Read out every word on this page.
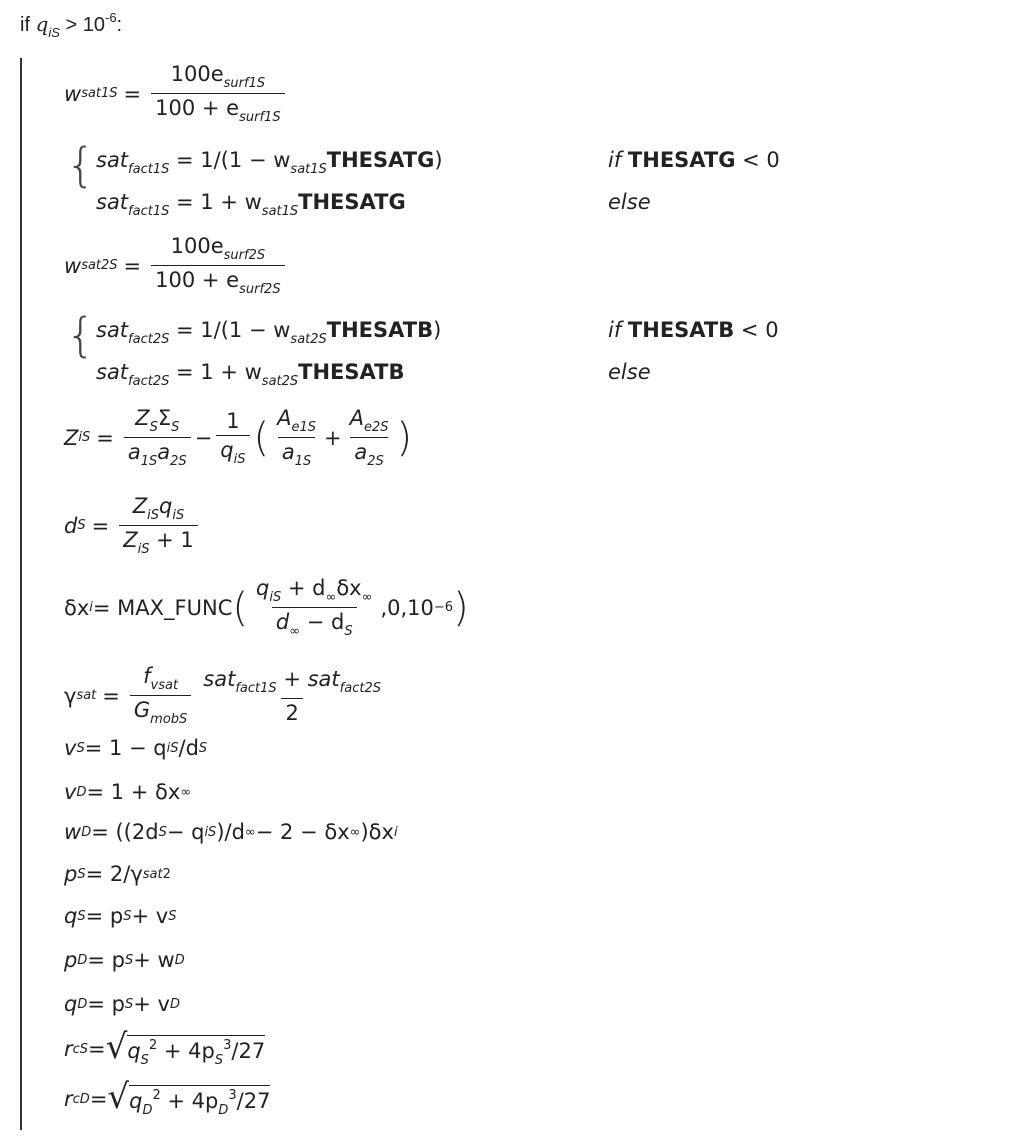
if $q_{iS} > 10^{-6}$:
w $sat1S = \frac{100e_{surf1S}}{100 + e_{surf1S}}$
{ $sat_{fact1S} = 1/(1 - w_{sat1S}THESATG)$	if THESATG < 0
$sat_{fact1S} = 1 + w_{sat1S}THESATG$	else
w $sat2S = \frac{100e_{surf2S}}{100 + e_{surf2S}}$
{ $sat_{fact2S} = 1/(1 - w_{sat2S}THESATB)$	if THESATB < 0
$sat_{fact2S} = 1 + w_{sat2S}THESATB$	else
Z iS = $\frac{Z_S\Sigma_S}{a_{1S}a_{2S}} - \frac{1}{q_{iS}}$ ( $\frac{A_{e1S}}{a_{1S}} + \frac{A_{e2S}}{a_{2S}}$ )
d $S = \frac{Z_{iS}q_{iS}}{Z_{iS} + 1}$
δx i = MAX_FUNC ( $\frac{q_{iS} + d_\infty\delta x_\infty}{d_\infty - d_S} ,0,10 -6$ )
γ sat = $\frac{f_{vsat}}{G_{mobS}} \frac{sat_{fact1S} + sat_{fact2S}}{2}$
v S = 1 − q iS /d S
v D = 1 + δx ∞
w D = ((2d S − q iS )/d ∞ − 2 − δx ∞ )δx i
p S = 2/γ sat 2
q S = p S + v S
p D = p S + w D
q D = p S + v D
r cS = √ $q_S^2 + 4p_S^3/27$
r cD = √ $q_D^2 + 4p_D^3/27$
